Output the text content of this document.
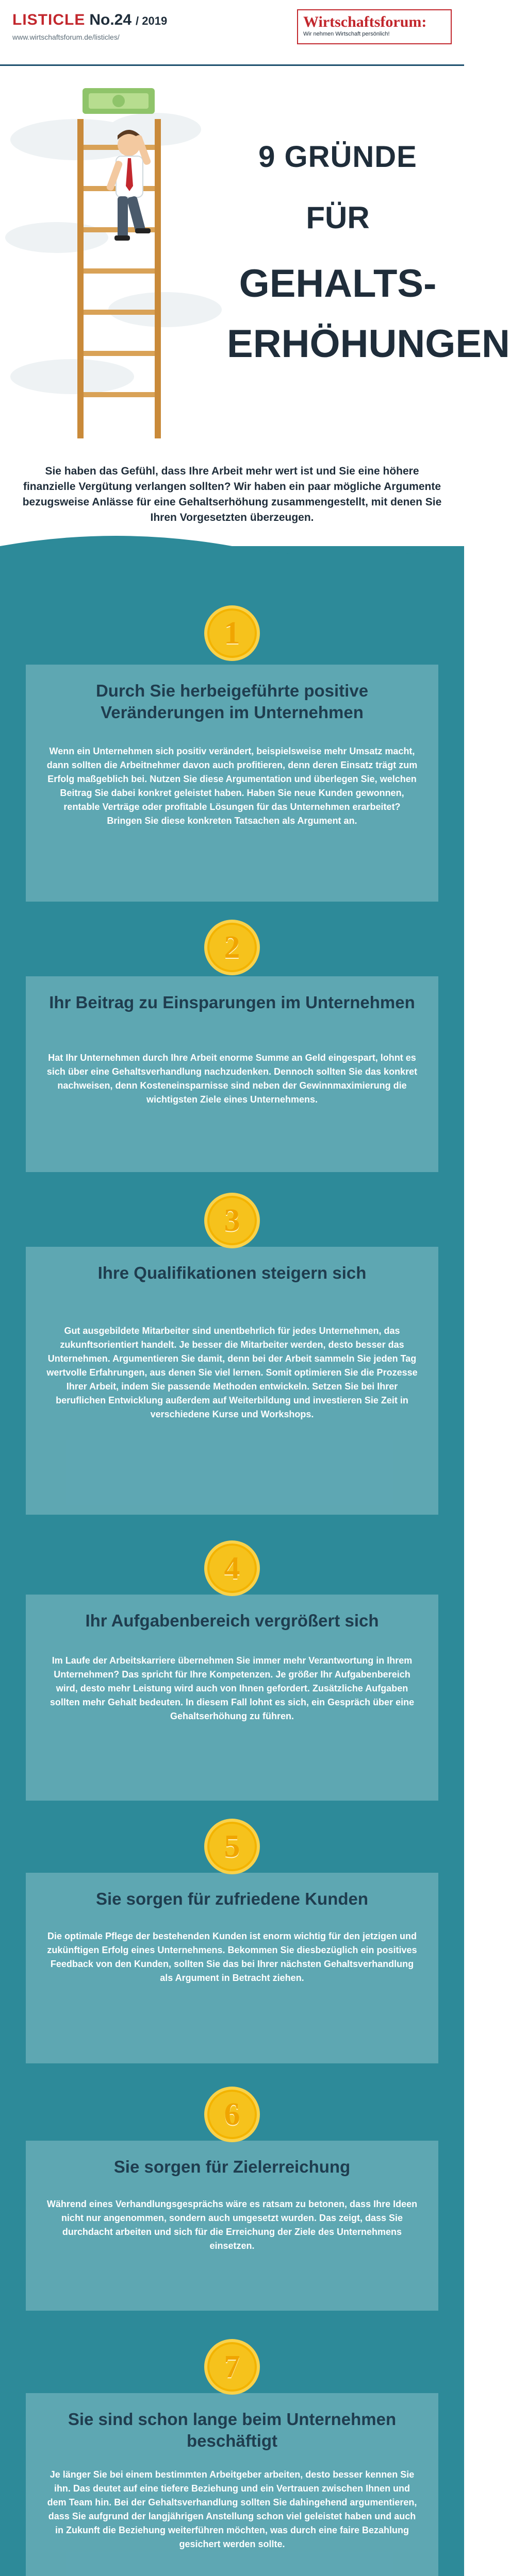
LISTICLE No.24 / 2019
www.wirtschaftsforum.de/listicles/
Wirtschaftsforum:
Wir nehmen Wirtschaft persönlich!
9 GRÜNDE
FÜR
GEHALTS-
ERHÖHUNGEN
Sie haben das Gefühl, dass Ihre Arbeit mehr wert ist und Sie eine höhere finanzielle Vergütung verlangen sollten? Wir haben ein paar mögliche Argumente bezugsweise Anlässe für eine Gehaltserhöhung zusammengestellt, mit denen Sie Ihren Vorgesetzten überzeugen.
1
Durch Sie herbeigeführte positive Veränderungen im Unternehmen
Wenn ein Unternehmen sich positiv verändert, beispielsweise mehr Umsatz macht, dann sollten die Arbeitnehmer davon auch profitieren, denn deren Einsatz trägt zum Erfolg maßgeblich bei. Nutzen Sie diese Argumentation und überlegen Sie, welchen Beitrag Sie dabei konkret geleistet haben. Haben Sie neue Kunden gewonnen, rentable Verträge oder profitable Lösungen für das Unternehmen erarbeitet? Bringen Sie diese konkreten Tatsachen als Argument an.
2
Ihr Beitrag zu Einsparungen im Unternehmen
Hat Ihr Unternehmen durch Ihre Arbeit enorme Summe an Geld eingespart, lohnt es sich über eine Gehaltsverhandlung nachzudenken. Dennoch sollten Sie das konkret nachweisen, denn Kosteneinsparnisse sind neben der Gewinnmaximierung die wichtigsten Ziele eines Unternehmens.
3
Ihre Qualifikationen steigern sich
Gut ausgebildete Mitarbeiter sind unentbehrlich für jedes Unternehmen, das zukunftsorientiert handelt. Je besser die Mitarbeiter werden, desto besser das Unternehmen. Argumentieren Sie damit, denn bei der Arbeit sammeln Sie jeden Tag wertvolle Erfahrungen, aus denen Sie viel lernen. Somit optimieren Sie die Prozesse Ihrer Arbeit, indem Sie passende Methoden entwickeln. Setzen Sie bei Ihrer beruflichen Entwicklung außerdem auf Weiterbildung und investieren Sie Zeit in verschiedene Kurse und Workshops.
4
Ihr Aufgabenbereich vergrößert sich
Im Laufe der Arbeitskarriere übernehmen Sie immer mehr Verantwortung in Ihrem Unternehmen? Das spricht für Ihre Kompetenzen. Je größer Ihr Aufgabenbereich wird, desto mehr Leistung wird auch von Ihnen gefordert. Zusätzliche Aufgaben sollten mehr Gehalt bedeuten. In diesem Fall lohnt es sich, ein Gespräch über eine Gehaltserhöhung zu führen.
5
Sie sorgen für zufriedene Kunden
Die optimale Pflege der bestehenden Kunden ist enorm wichtig für den jetzigen und zukünftigen Erfolg eines Unternehmens. Bekommen Sie diesbezüglich ein positives Feedback von den Kunden, sollten Sie das bei Ihrer nächsten Gehaltsverhandlung als Argument in Betracht ziehen.
6
Sie sorgen für Zielerreichung
Während eines Verhandlungsgesprächs wäre es ratsam zu betonen, dass Ihre Ideen nicht nur angenommen, sondern auch umgesetzt wurden. Das zeigt, dass Sie durchdacht arbeiten und sich für die Erreichung der Ziele des Unternehmens einsetzen.
7
Sie sind schon lange beim Unternehmen beschäftigt
Je länger Sie bei einem bestimmten Arbeitgeber arbeiten, desto besser kennen Sie ihn. Das deutet auf eine tiefere Beziehung und ein Vertrauen zwischen Ihnen und dem Team hin. Bei der Gehaltsverhandlung sollten Sie dahingehend argumentieren, dass Sie aufgrund der langjährigen Anstellung schon viel geleistet haben und auch in Zukunft die Beziehung weiterführen möchten, was durch eine faire Bezahlung gesichert werden sollte.
